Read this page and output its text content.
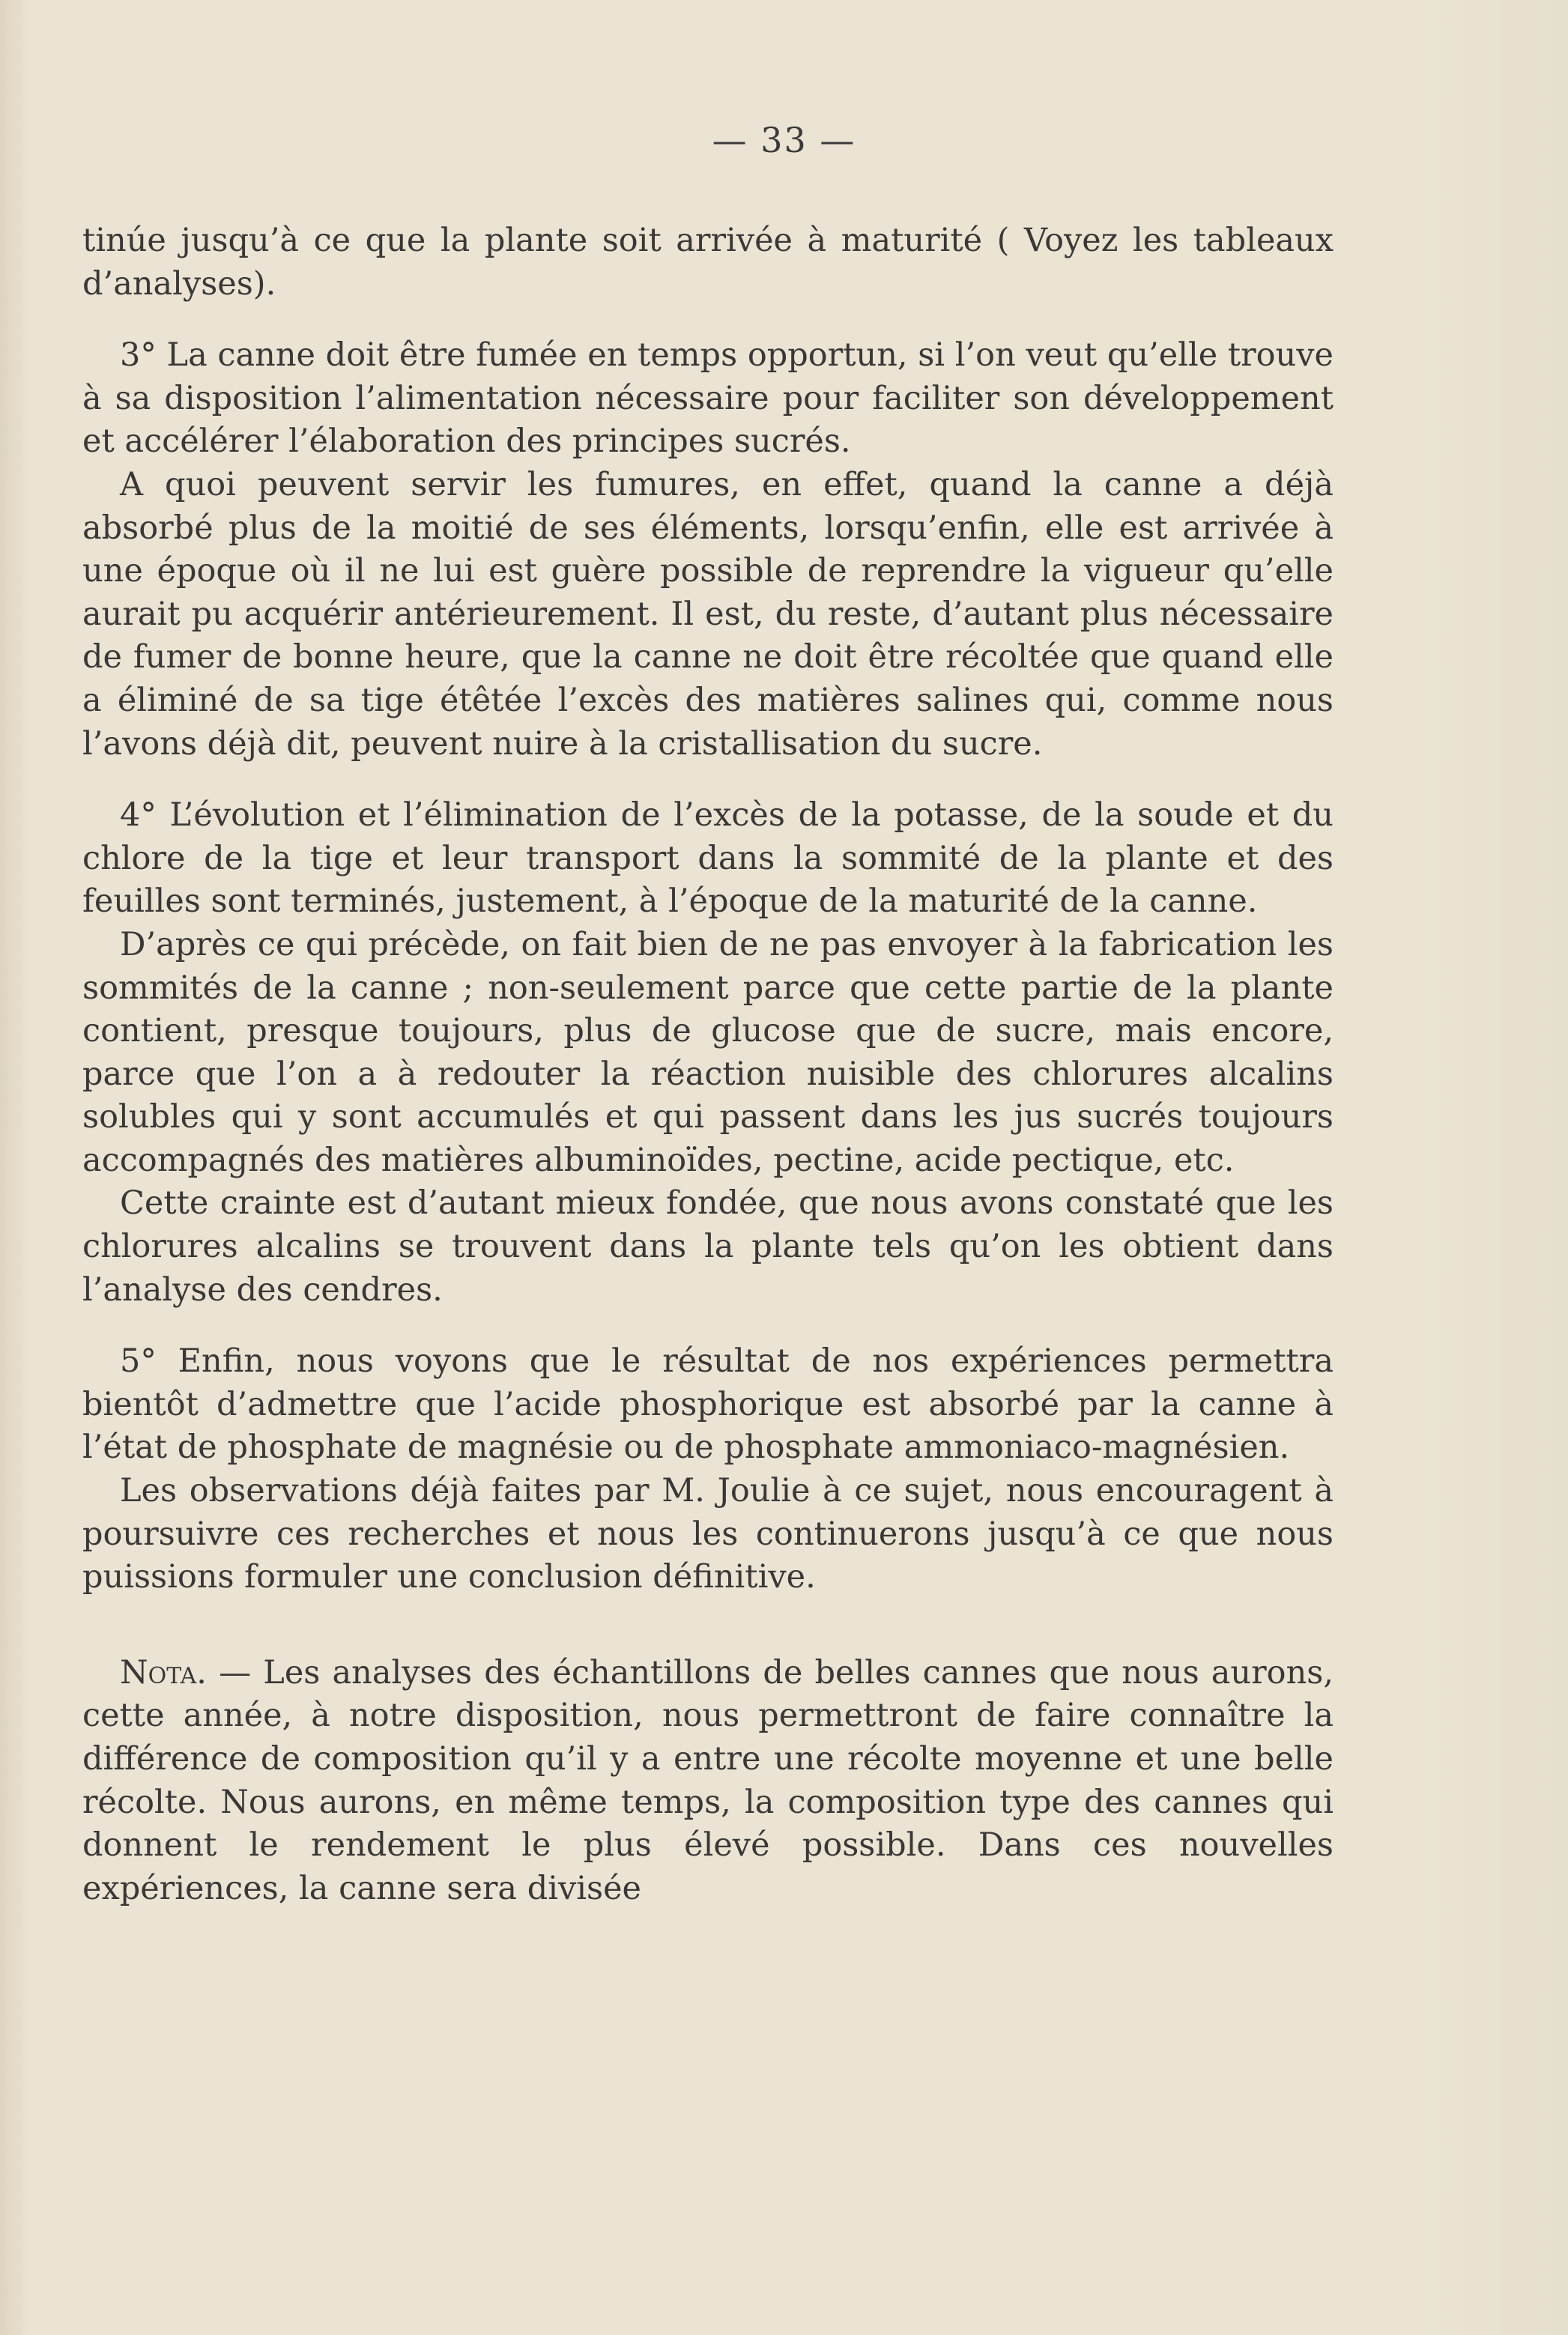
— 33 —

tinúe jusqu’à ce que la plante soit arrivée à maturité ( Voyez les tableaux d’analyses).

3° La canne doit être fumée en temps opportun, si l’on veut qu’elle trouve à sa disposition l’alimentation nécessaire pour faciliter son développement et accélérer l’élaboration des principes sucrés.

A quoi peuvent servir les fumures, en effet, quand la canne a déjà absorbé plus de la moitié de ses éléments, lorsqu’enfin, elle est arrivée à une époque où il ne lui est guère possible de reprendre la vigueur qu’elle aurait pu acquérir antérieurement. Il est, du reste, d’autant plus nécessaire de fumer de bonne heure, que la canne ne doit être récoltée que quand elle a éliminé de sa tige étêtée l’excès des matières salines qui, comme nous l’avons déjà dit, peuvent nuire à la cristallisation du sucre.

4° L’évolution et l’élimination de l’excès de la potasse, de la soude et du chlore de la tige et leur transport dans la sommité de la plante et des feuilles sont terminés, justement, à l’époque de la maturité de la canne.

D’après ce qui précède, on fait bien de ne pas envoyer à la fabrication les sommités de la canne ; non-seulement parce que cette partie de la plante contient, presque toujours, plus de glucose que de sucre, mais encore, parce que l’on a à redouter la réaction nuisible des chlorures alcalins solubles qui y sont accumulés et qui passent dans les jus sucrés toujours accompagnés des matières albuminoïdes, pectine, acide pectique, etc.

Cette crainte est d’autant mieux fondée, que nous avons constaté que les chlorures alcalins se trouvent dans la plante tels qu’on les obtient dans l’analyse des cendres.

5° Enfin, nous voyons que le résultat de nos expériences permettra bientôt d’admettre que l’acide phosphorique est absorbé par la canne à l’état de phosphate de magnésie ou de phosphate ammoniaco-magnésien.

Les observations déjà faites par M. Joulie à ce sujet, nous encouragent à poursuivre ces recherches et nous les continuerons jusqu’à ce que nous puissions formuler une conclusion définitive.

Nota. — Les analyses des échantillons de belles cannes que nous aurons, cette année, à notre disposition, nous permettront de faire connaître la différence de composition qu’il y a entre une récolte moyenne et une belle récolte. Nous aurons, en même temps, la composition type des cannes qui donnent le rendement le plus élevé possible. Dans ces nouvelles expériences, la canne sera divisée
